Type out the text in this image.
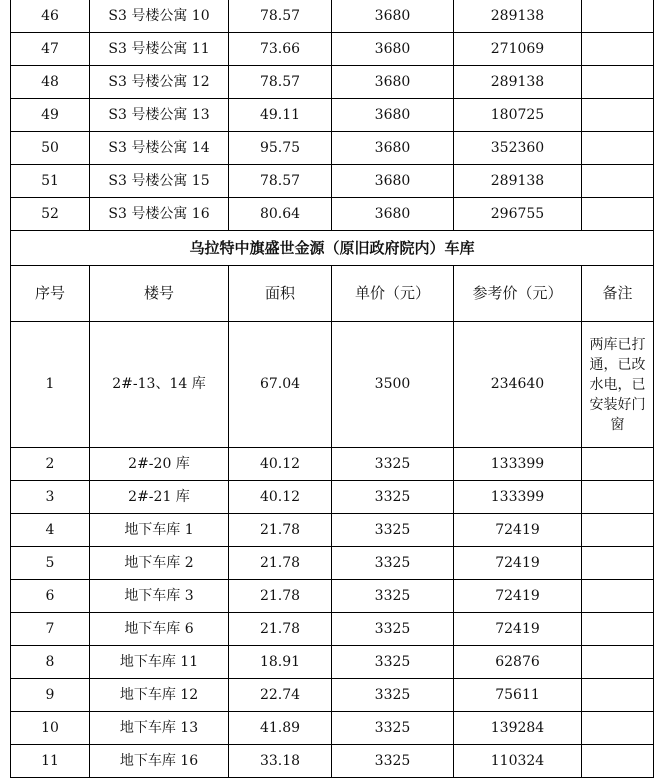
46	S3 号楼公寓 10	78.57	3680	289138	
47	S3 号楼公寓 11	73.66	3680	271069	
48	S3 号楼公寓 12	78.57	3680	289138	
49	S3 号楼公寓 13	49.11	3680	180725	
50	S3 号楼公寓 14	95.75	3680	352360	
51	S3 号楼公寓 15	78.57	3680	289138	
52	S3 号楼公寓 16	80.64	3680	296755	
乌拉特中旗盛世金源（原旧政府院内）车库					
序号	楼号	面积	单价（元）	参考价（元）	备注
1	2#-13、14 库	67.04	3500	234640	两库已打通，已改水电，已安装好门窗
2	2#-20 库	40.12	3325	133399	
3	2#-21 库	40.12	3325	133399	
4	地下车库 1	21.78	3325	72419	
5	地下车库 2	21.78	3325	72419	
6	地下车库 3	21.78	3325	72419	
7	地下车库 6	21.78	3325	72419	
8	地下车库 11	18.91	3325	62876	
9	地下车库 12	22.74	3325	75611	
10	地下车库 13	41.89	3325	139284	
11	地下车库 16	33.18	3325	110324	
